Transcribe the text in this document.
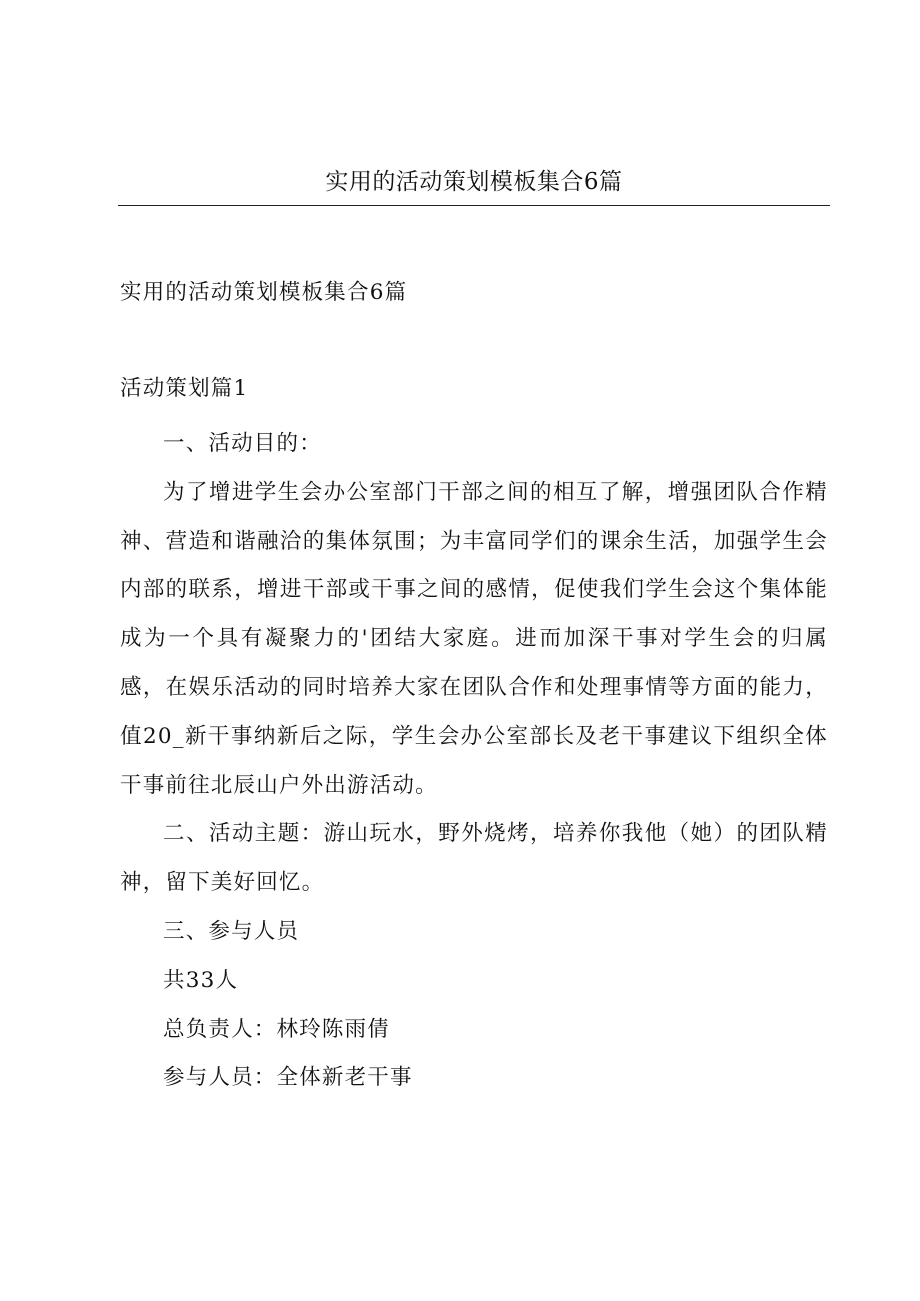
实用的活动策划模板集合6篇
实用的活动策划模板集合6篇
活动策划篇1

一、活动目的：

为了增进学生会办公室部门干部之间的相互了解，增强团队合作精神、营造和谐融洽的集体氛围；为丰富同学们的课余生活，加强学生会内部的联系，增进干部或干事之间的感情，促使我们学生会这个集体能成为一个具有凝聚力的'团结大家庭。进而加深干事对学生会的归属感，在娱乐活动的同时培养大家在团队合作和处理事情等方面的能力，值20_新干事纳新后之际，学生会办公室部长及老干事建议下组织全体干事前往北辰山户外出游活动。

二、活动主题：游山玩水，野外烧烤，培养你我他（她）的团队精神，留下美好回忆。

三、参与人员

共33人

总负责人：林玲陈雨倩

参与人员：全体新老干事
